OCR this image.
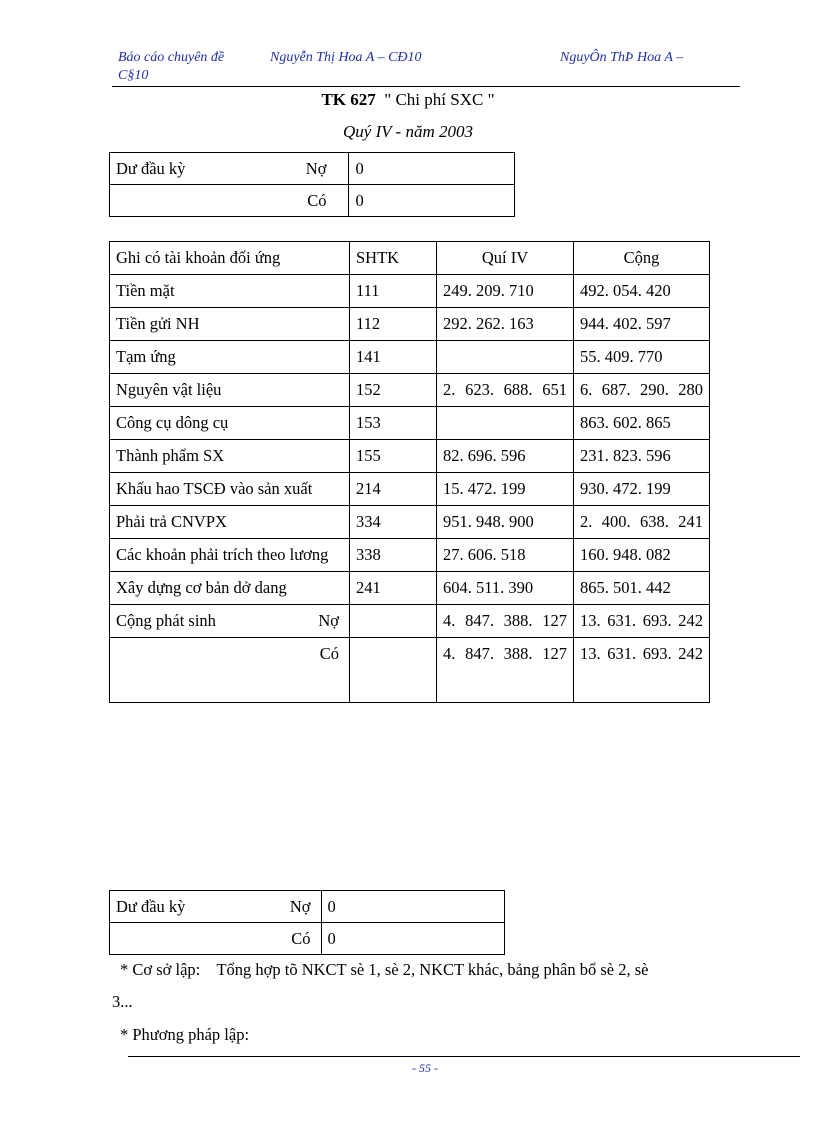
Báo cáo chuyên đề
C§10
Nguyễn Thị Hoa A – CĐ10	NguyÔn ThÞ Hoa A –
TK 627 " Chi phí SXC "
Quý IV - năm 2003
Dư đầu kỳ Nợ	0
Có	0
Ghi có tài khoản đối ứng	SHTK	Quí IV	Cộng
Tiền mặt	111	249. 209. 710	492. 054. 420
Tiền gửi NH	112	292. 262. 163	944. 402. 597
Tạm ứng	141		55. 409. 770
Nguyên vật liệu	152	2. 623. 688. 651	6. 687. 290. 280
Công cụ dông cụ	153		863. 602. 865
Thành phẩm SX	155	82. 696. 596	231. 823. 596
Khấu hao TSCĐ vào sản xuất	214	15. 472. 199	930. 472. 199
Phải trả CNVPX	334	951. 948. 900	2. 400. 638. 241
Các khoản phải trích theo lương	338	27. 606. 518	160. 948. 082
Xây dựng cơ bản dở dang	241	604. 511. 390	865. 501. 442

Cộng phát sinh Nợ		4. 847. 388. 127	13. 631. 693. 242
Có		4. 847. 388. 127	13. 631. 693. 242
Dư đầu kỳ Nợ	0
Có	0
* Cơ sở lập:    Tổng hợp tõ NKCT sè 1, sè 2, NKCT khác, bảng phân bổ sè 2, sè
3...
* Phương pháp lập:
- 55 -
